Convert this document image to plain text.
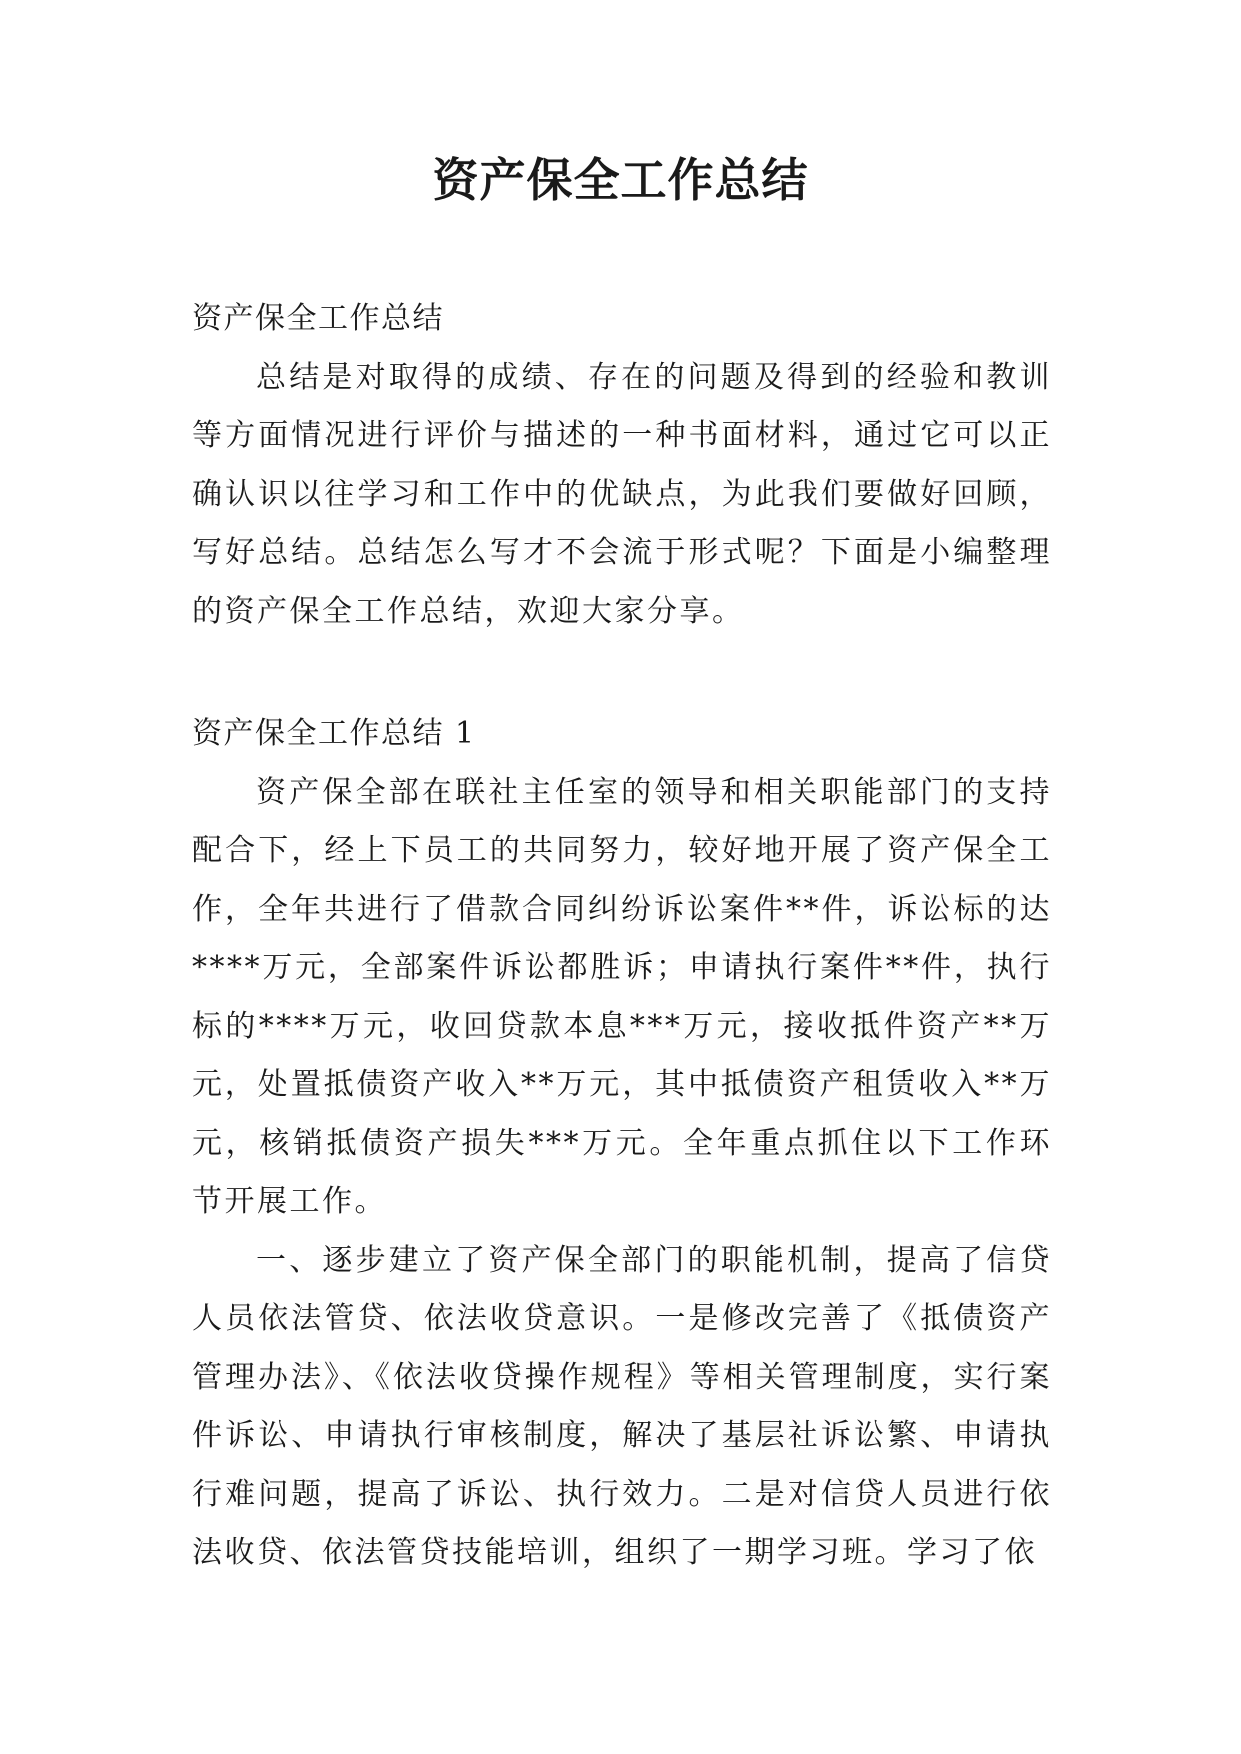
资产保全工作总结

资产保全工作总结

总结是对取得的成绩、存在的问题及得到的经验和教训等方面情况进行评价与描述的一种书面材料，通过它可以正确认识以往学习和工作中的优缺点，为此我们要做好回顾，写好总结。总结怎么写才不会流于形式呢？下面是小编整理的资产保全工作总结，欢迎大家分享。

资产保全工作总结 1

资产保全部在联社主任室的领导和相关职能部门的支持配合下，经上下员工的共同努力，较好地开展了资产保全工作，全年共进行了借款合同纠纷诉讼案件**件，诉讼标的达****万元，全部案件诉讼都胜诉；申请执行案件**件，执行标的****万元，收回贷款本息***万元，接收抵件资产**万元，处置抵债资产收入**万元，其中抵债资产租赁收入**万元，核销抵债资产损失***万元。全年重点抓住以下工作环节开展工作。

一、逐步建立了资产保全部门的职能机制，提高了信贷人员依法管贷、依法收贷意识。一是修改完善了《抵债资产管理办法》、《依法收贷操作规程》等相关管理制度，实行案件诉讼、申请执行审核制度，解决了基层社诉讼繁、申请执行难问题，提高了诉讼、执行效力。二是对信贷人员进行依法收贷、依法管贷技能培训，组织了一期学习班。学习了依
